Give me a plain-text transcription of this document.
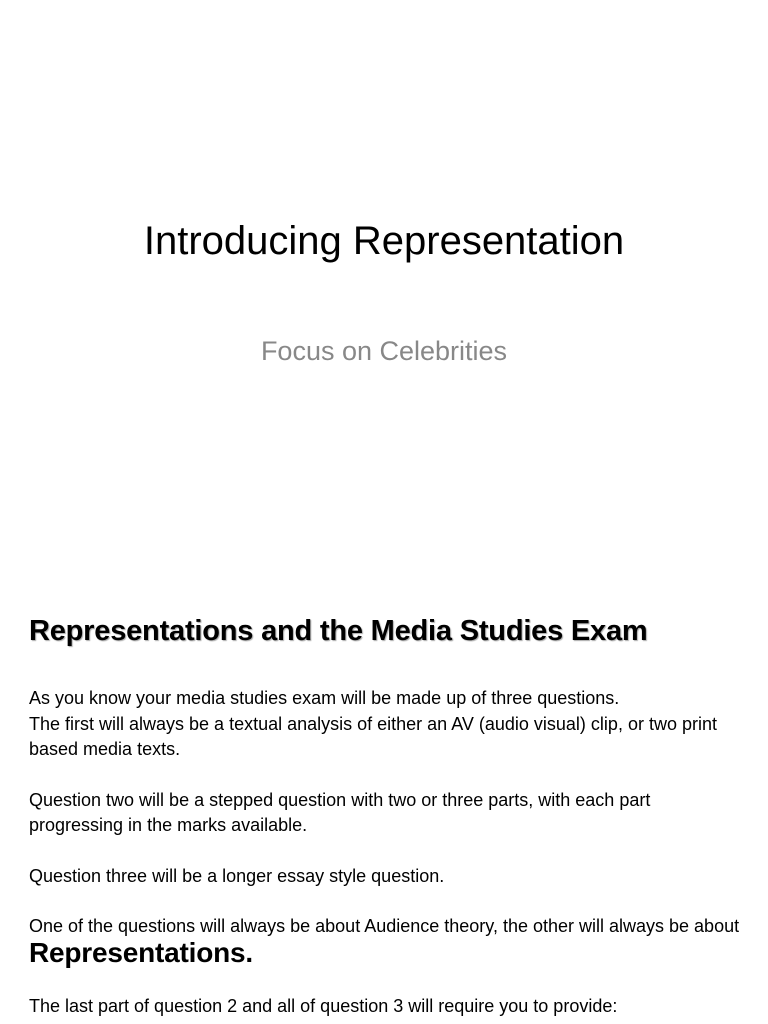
Introducing Representation
Focus on Celebrities
Representations and the Media Studies Exam

As you know your media studies exam will be made up of three questions.

The first will always be a textual analysis of either an AV (audio visual) clip, or two print based media texts.

Question two will be a stepped question with two or three parts, with each part progressing in the marks available.

Question three will be a longer essay style question.

One of the questions will always be about Audience theory, the other will always be about Representations.

The last part of question 2 and all of question 3 will require you to provide:
